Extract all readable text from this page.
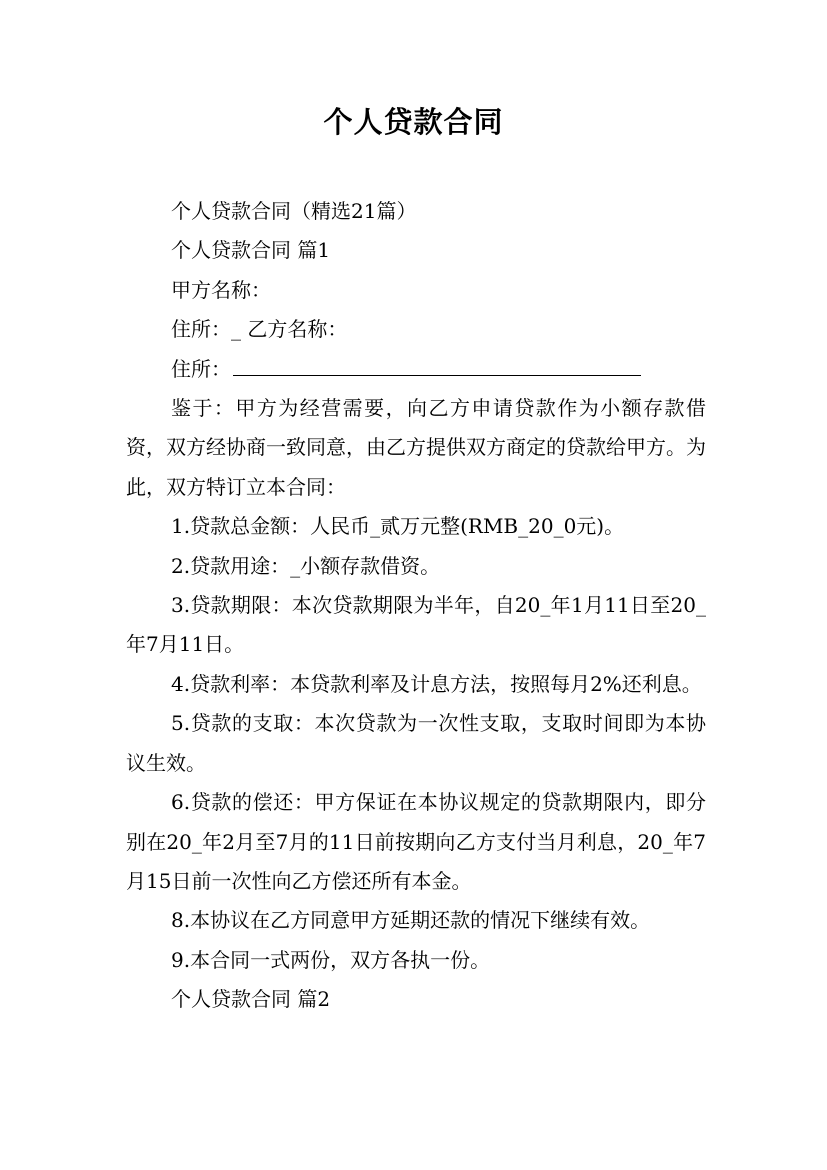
个人贷款合同

个人贷款合同（精选21篇）

个人贷款合同 篇1

甲方名称：

住所：_ 乙方名称：

住所：

鉴于：甲方为经营需要，向乙方申请贷款作为小额存款借资，双方经协商一致同意，由乙方提供双方商定的贷款给甲方。为此，双方特订立本合同：

1.贷款总金额：人民币_贰万元整(RMB_20_0元)。

2.贷款用途：_小额存款借资。

3.贷款期限：本次贷款期限为半年，自20_年1月11日至20_年7月11日。

4.贷款利率：本贷款利率及计息方法，按照每月2%还利息。

5.贷款的支取：本次贷款为一次性支取，支取时间即为本协议生效。

6.贷款的偿还：甲方保证在本协议规定的贷款期限内，即分别在20_年2月至7月的11日前按期向乙方支付当月利息，20_年7月15日前一次性向乙方偿还所有本金。

8.本协议在乙方同意甲方延期还款的情况下继续有效。

9.本合同一式两份，双方各执一份。

个人贷款合同 篇2
